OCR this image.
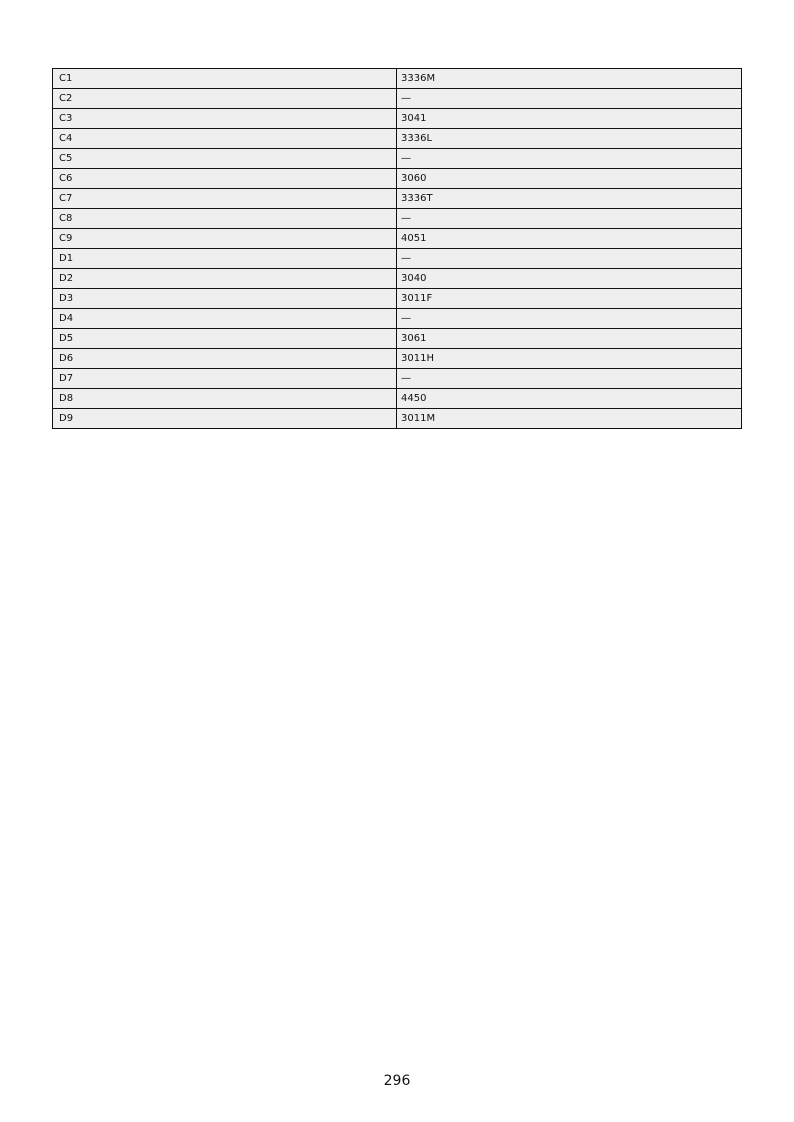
C1	3336M
C2	—
C3	3041
C4	3336L
C5	—
C6	3060
C7	3336T
C8	—
C9	4051
D1	—
D2	3040
D3	3011F
D4	—
D5	3061
D6	3011H
D7	—
D8	4450
D9	3011M
296
